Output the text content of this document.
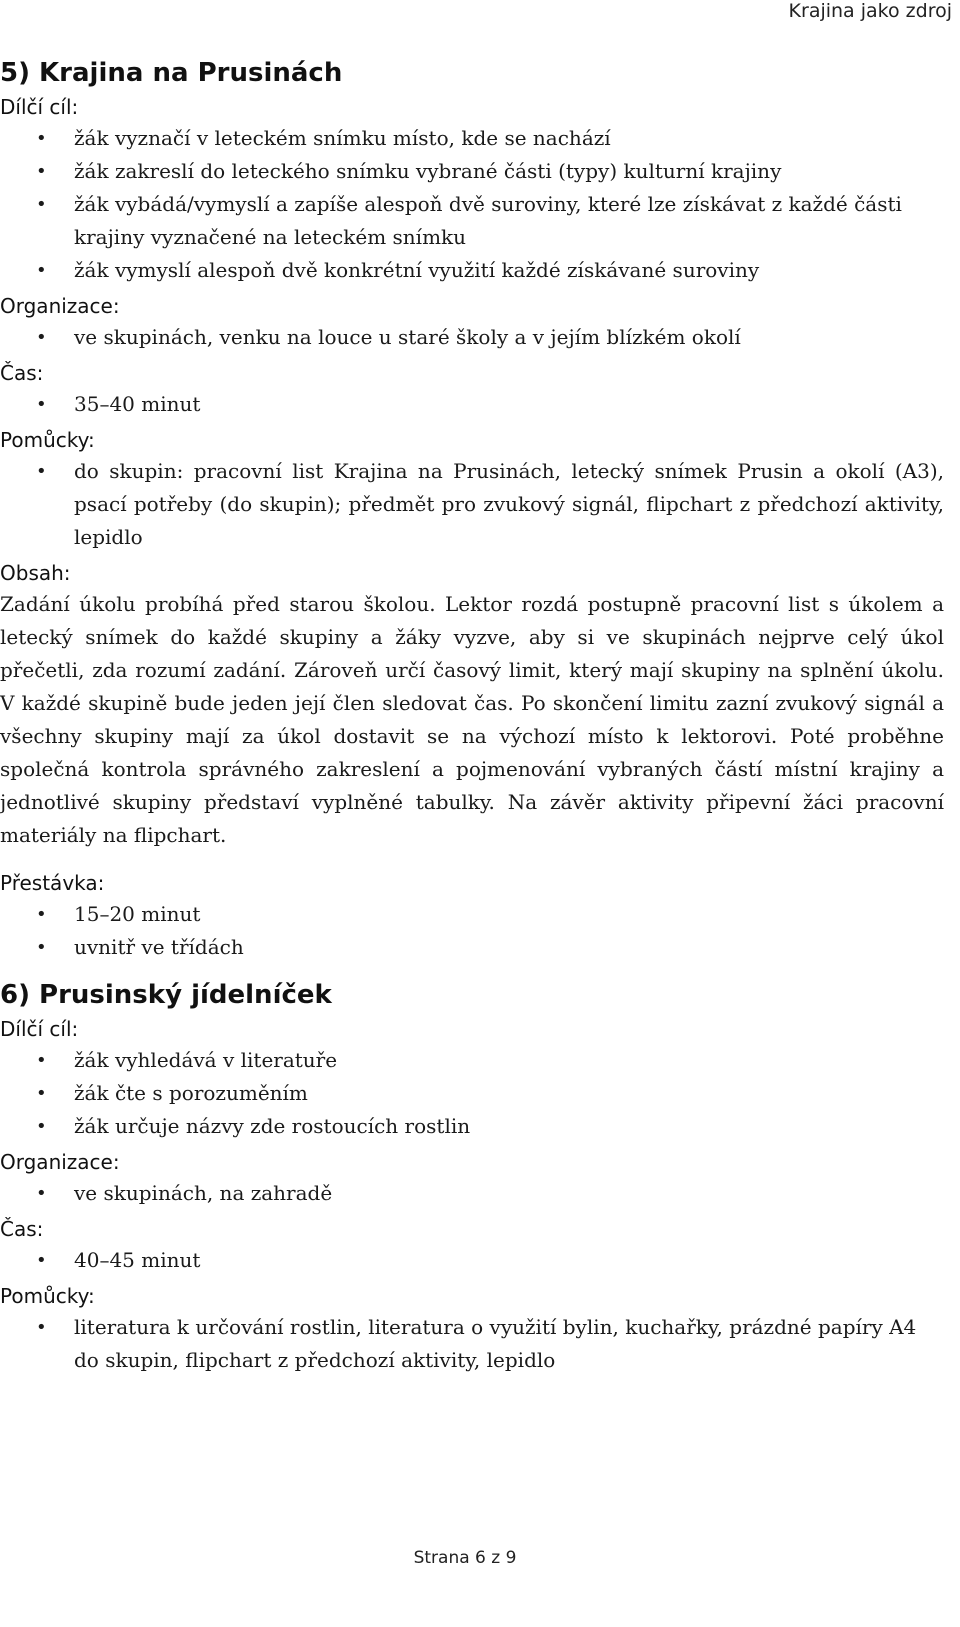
Krajina jako zdroj

5) Krajina na Prusinách
Dílčí cíl:
• žák vyznačí v leteckém snímku místo, kde se nachází
• žák zakreslí do leteckého snímku vybrané části (typy) kulturní krajiny
• žák vybádá/vymyslí a zapíše alespoň dvě suroviny, které lze získávat z každé části krajiny vyznačené na leteckém snímku
• žák vymyslí alespoň dvě konkrétní využití každé získávané suroviny
Organizace:
• ve skupinách, venku na louce u staré školy a v jejím blízkém okolí
Čas:
• 35–40 minut
Pomůcky:
• do skupin: pracovní list Krajina na Prusinách, letecký snímek Prusin a okolí (A3), psací potřeby (do skupin); předmět pro zvukový signál, flipchart z předchozí aktivity, lepidlo
Obsah:

Zadání úkolu probíhá před starou školou. Lektor rozdá postupně pracovní list s úkolem a letecký snímek do každé skupiny a žáky vyzve, aby si ve skupinách nejprve celý úkol přečetli, zda rozumí zadání. Zároveň určí časový limit, který mají skupiny na splnění úkolu. V každé skupině bude jeden její člen sledovat čas. Po skončení limitu zazní zvukový signál a všechny skupiny mají za úkol dostavit se na výchozí místo k lektorovi. Poté proběhne společná kontrola správného zakreslení a pojmenování vybraných částí místní krajiny a jednotlivé skupiny představí vyplněné tabulky. Na závěr aktivity připevní žáci pracovní materiály na flipchart.

Přestávka:
• 15–20 minut
• uvnitř ve třídách
6) Prusinský jídelníček
Dílčí cíl:
• žák vyhledává v literatuře
• žák čte s porozuměním
• žák určuje názvy zde rostoucích rostlin
Organizace:
• ve skupinách, na zahradě
Čas:
• 40–45 minut
Pomůcky:
• literatura k určování rostlin, literatura o využití bylin, kuchařky, prázdné papíry A4 do skupin, flipchart z předchozí aktivity, lepidlo
Strana 6 z 9
